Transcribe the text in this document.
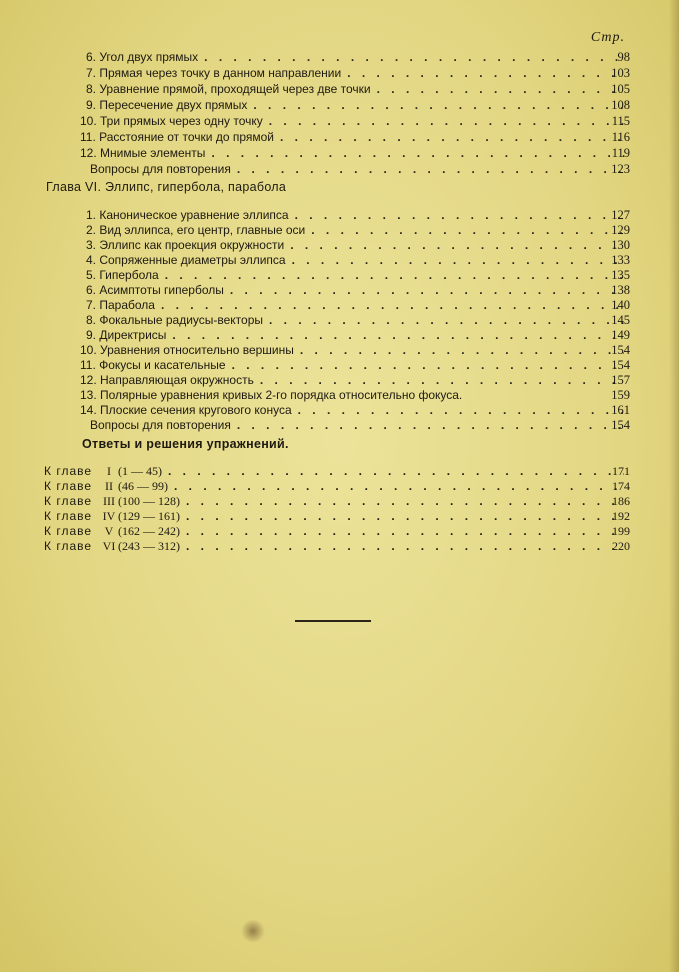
Стр.
6. Угол двух прямых . . .	98
7. Прямая через точку в данном направлении . . .	103
8. Уравнение прямой, проходящей через две точки . . .	105
9. Пересечение двух прямых . . .	108
10. Три прямых через одну точку . . .	115
11. Расстояние от точки до прямой . . .	116
12. Мнимые элементы . . .	119
Вопросы для повторения . . .	123
Глава VI. Эллипс, гипербола, парабола
1. Каноническое уравнение эллипса . . .	127
2. Вид эллипса, его центр, главные оси . . .	129
3. Эллипс как проекция окружности . . .	130
4. Сопряженные диаметры эллипса . . .	133
5. Гипербола . . .	135
6. Асимптоты гиперболы . . .	138
7. Парабола . . .	140
8. Фокальные радиусы-векторы . . .	145
9. Директрисы . . .	149
10. Уравнения относительно вершины . . .	154
11. Фокусы и касательные . . .	154
12. Направляющая окружность . . .	157
13. Полярные уравнения кривых 2-го порядка относительно фокуса.	159
14. Плоские сечения кругового конуса . . .	161
Вопросы для повторения . . .	154
Ответы и решения упражнений.
К главе	I (1 — 45) . . .	171
К главе	II (46 — 99) . . .	174
К главе III (100 — 128) . . .	186
К главе IV (129 — 161) . . .	192
К главе	V (162 — 242) . . .	199
К главе VI (243 — 312) . . .	220
